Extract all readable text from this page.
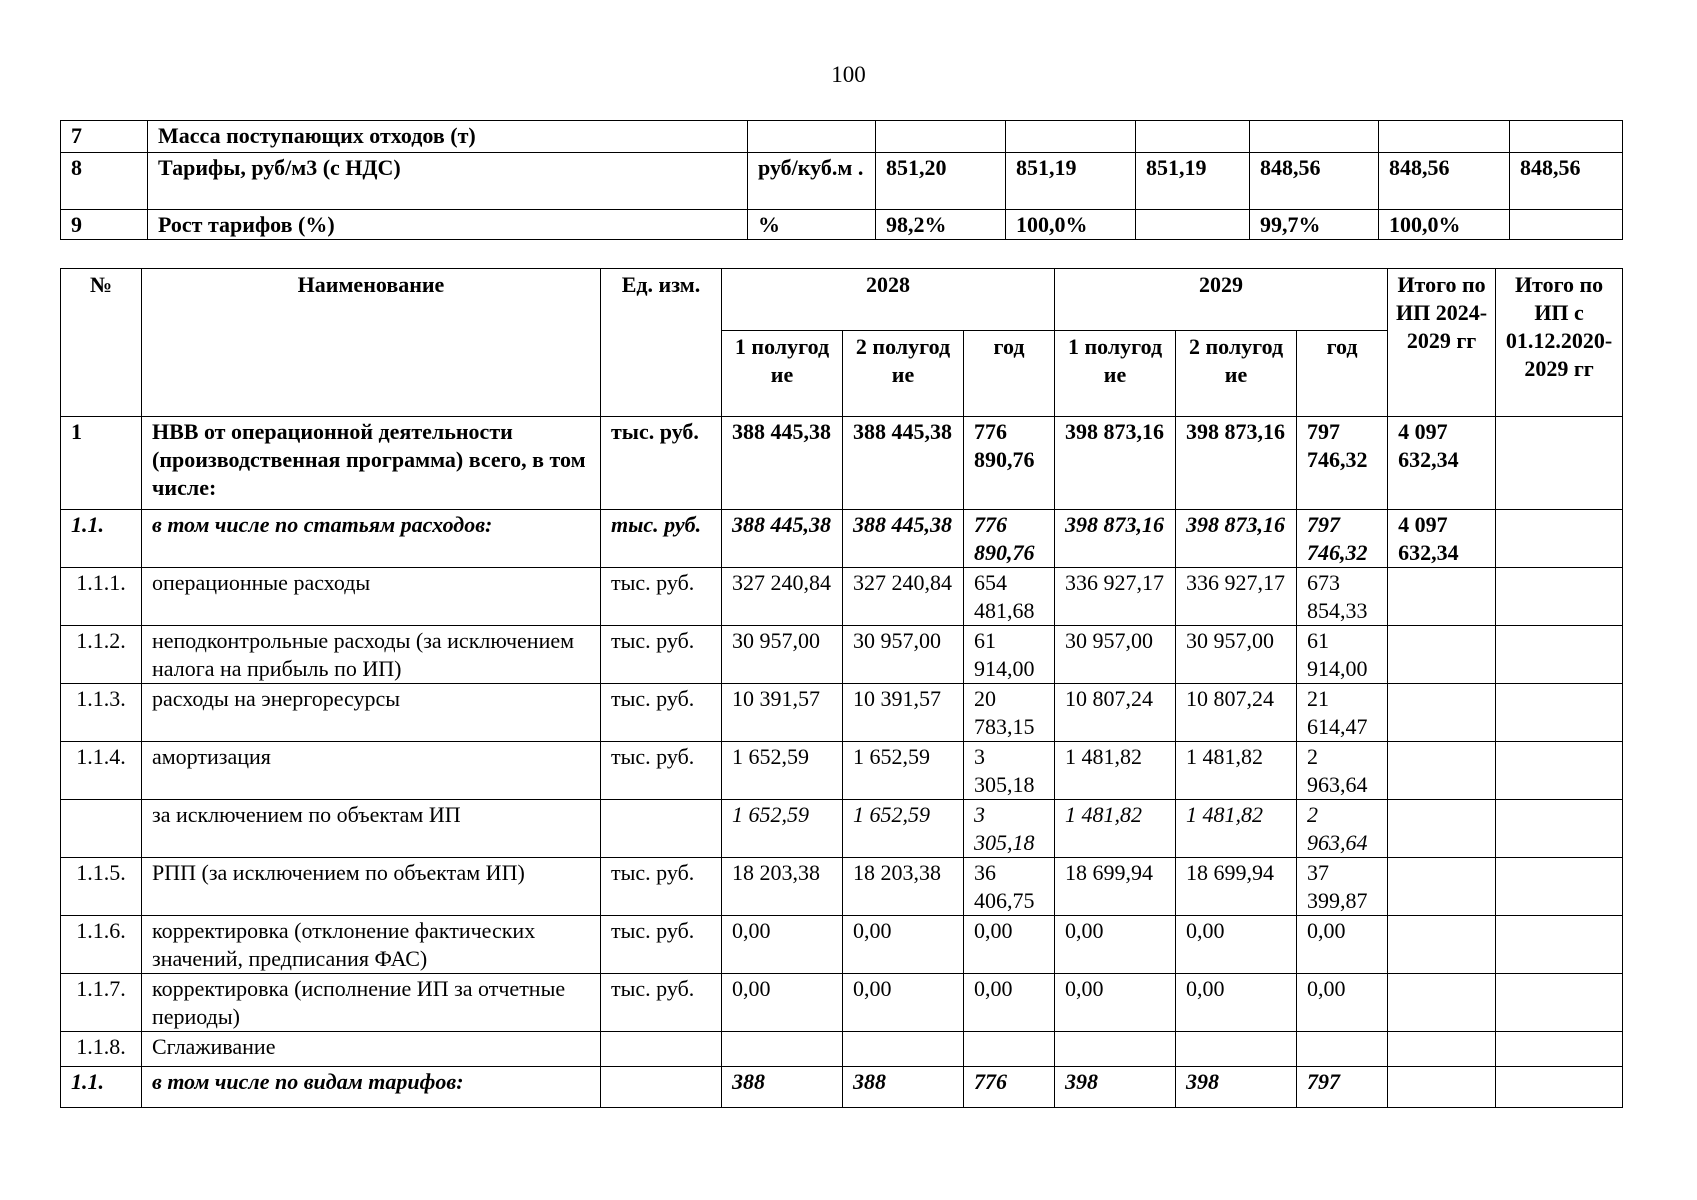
100
7	Масса поступающих отходов (т)							
8	Тарифы, руб/м3 (с НДС)	руб/куб.м .	851,20	851,19	851,19	848,56	848,56	848,56
9	Рост тарифов (%)	%	98,2%	100,0%		99,7%	100,0%	
№	Наименование	Ед. изм.	2028			2029			Итого по ИП 2024-2029 гг	Итого по ИП с 01.12.2020-2029 гг
			1 полугод ие	2 полугод ие	год	1 полугод ие	2 полугод ие	год		
1	НВВ от операционной деятельности (производственная программа) всего, в том числе:	тыс. руб.	388 445,38	388 445,38	776 890,76	398 873,16	398 873,16	797 746,32	4 097 632,34	
1.1.	в том числе по статьям расходов:	тыс. руб.	388 445,38	388 445,38	776 890,76	398 873,16	398 873,16	797 746,32	4 097 632,34	
1.1.1.	операционные расходы	тыс. руб.	327 240,84	327 240,84	654 481,68	336 927,17	336 927,17	673 854,33		
1.1.2.	неподконтрольные расходы (за исключением налога на прибыль по ИП)	тыс. руб.	30 957,00	30 957,00	61 914,00	30 957,00	30 957,00	61 914,00		
1.1.3.	расходы на энергоресурсы	тыс. руб.	10 391,57	10 391,57	20 783,15	10 807,24	10 807,24	21 614,47		
1.1.4.	амортизация	тыс. руб.	1 652,59	1 652,59	3 305,18	1 481,82	1 481,82	2 963,64		
	за исключением по объектам ИП		1 652,59	1 652,59	3 305,18	1 481,82	1 481,82	2 963,64		
1.1.5.	РПП (за исключением по объектам ИП)	тыс. руб.	18 203,38	18 203,38	36 406,75	18 699,94	18 699,94	37 399,87		
1.1.6.	корректировка (отклонение фактических значений, предписания ФАС)	тыс. руб.	0,00	0,00	0,00	0,00	0,00	0,00		
1.1.7.	корректировка (исполнение ИП за отчетные периоды)	тыс. руб.	0,00	0,00	0,00	0,00	0,00	0,00		
1.1.8.	Сглаживание									
1.1.	в том числе по видам тарифов:		388	388	776	398	398	797		
